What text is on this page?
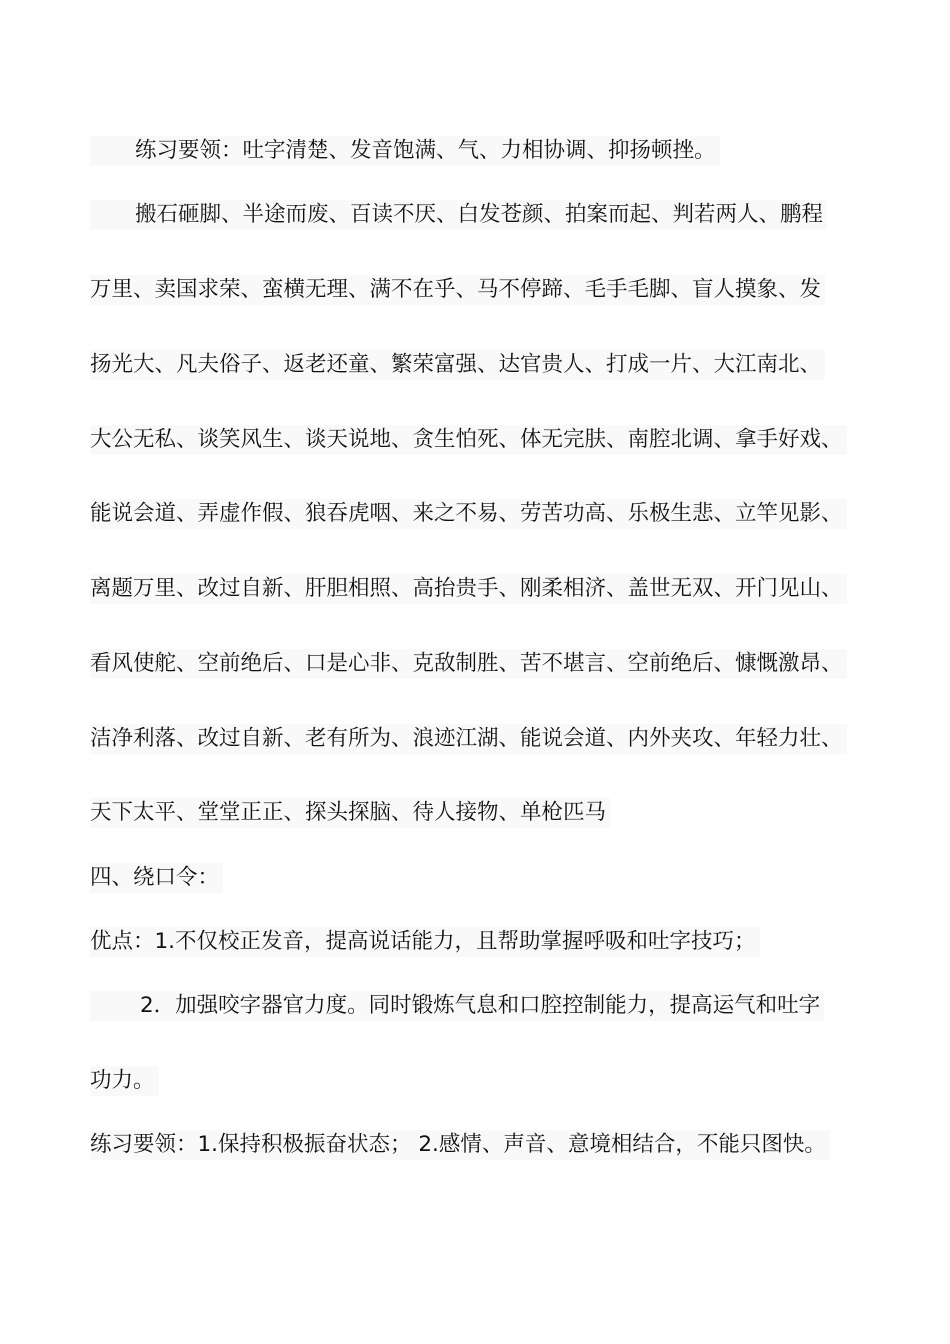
练习要领：吐字清楚、发音饱满、气、力相协调、抑扬顿挫。
搬石砸脚、半途而废、百读不厌、白发苍颜、拍案而起、判若两人、鹏程
万里、卖国求荣、蛮横无理、满不在乎、马不停蹄、毛手毛脚、盲人摸象、发
扬光大、凡夫俗子、返老还童、繁荣富强、达官贵人、打成一片、大江南北、
大公无私、谈笑风生、谈天说地、贪生怕死、体无完肤、南腔北调、拿手好戏、
能说会道、弄虚作假、狼吞虎咽、来之不易、劳苦功高、乐极生悲、立竿见影、
离题万里、改过自新、肝胆相照、高抬贵手、刚柔相济、盖世无双、开门见山、
看风使舵、空前绝后、口是心非、克敌制胜、苦不堪言、空前绝后、慷慨激昂、
洁净利落、改过自新、老有所为、浪迹江湖、能说会道、内外夹攻、年轻力壮、
天下太平、堂堂正正、探头探脑、待人接物、单枪匹马
四、绕口令：
优点：1.不仅校正发音，提高说话能力，且帮助掌握呼吸和吐字技巧；
2．加强咬字器官力度。同时锻炼气息和口腔控制能力，提高运气和吐字
功力。
练习要领：1.保持积极振奋状态； 2.感情、声音、意境相结合，不能只图快。
